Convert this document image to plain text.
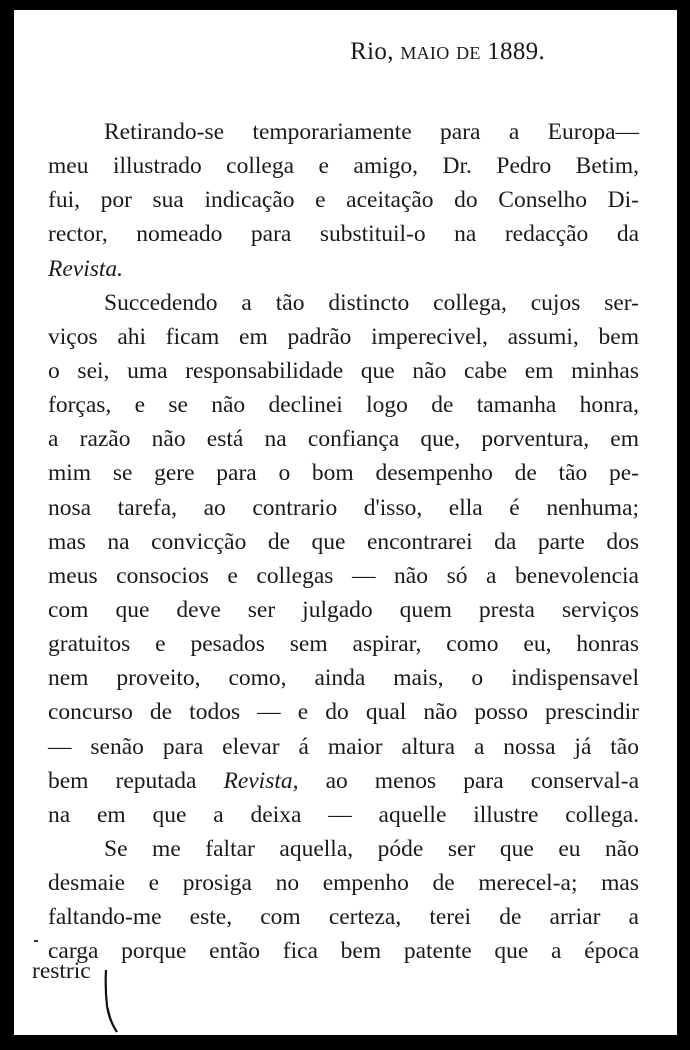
Rio, maio de 1889.
Retirando-se temporariamente para a Europa—
meu illustrado collega e amigo, Dr. Pedro Betim,
fui, por sua indicação e aceitação do Conselho Di-
rector, nomeado para substituil-o na redacção da
Revista.
Succedendo a tão distincto collega, cujos ser-
viços ahi ficam em padrão imperecivel, assumi, bem
o sei, uma responsabilidade que não cabe em minhas
forças, e se não declinei logo de tamanha honra,
a razão não está na confiança que, porventura, em
mim se gere para o bom desempenho de tão pe-
nosa tarefa, ao contrario d'isso, ella é nenhuma;
mas na convicção de que encontrarei da parte dos
meus consocios e collegas — não só a benevolencia
com que deve ser julgado quem presta serviços
gratuitos e pesados sem aspirar, como eu, honras
nem proveito, como, ainda mais, o indispensavel
concurso de todos — e do qual não posso prescindir
— senão para elevar á maior altura a nossa já tão
bem reputada Revista, ao menos para conserval-a
na em que a deixa — aquelle illustre collega.
Se me faltar aquella, póde ser que eu não
desmaie e prosiga no empenho de merecel-a; mas
faltando-me este, com certeza, terei de arriar a
carga porque então fica bem patente que a época
restric
